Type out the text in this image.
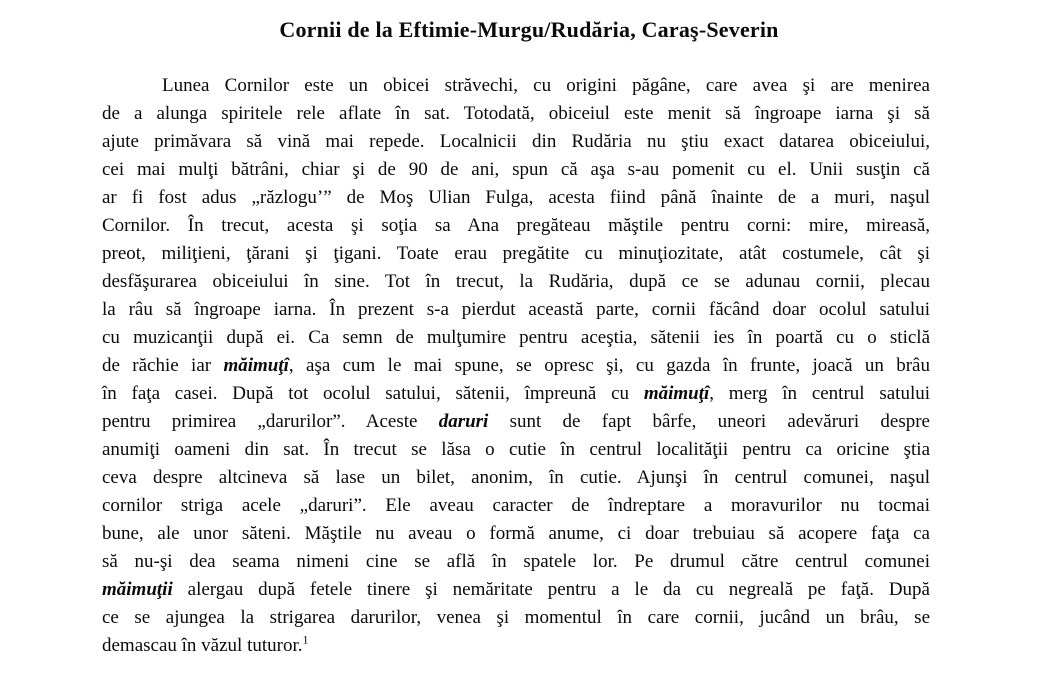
Cornii de la Eftimie-Murgu/Rudăria, Caraş-Severin
Lunea Cornilor este un obicei străvechi, cu origini păgâne, care avea şi are menirea
de a alunga spiritele rele aflate în sat. Totodată, obiceiul este menit să îngroape iarna şi să
ajute primăvara să vină mai repede. Localnicii din Rudăria nu ştiu exact datarea obiceiului,
cei mai mulţi bătrâni, chiar şi de 90 de ani, spun că aşa s-au pomenit cu el. Unii susţin că
ar fi fost adus „răzlogu’” de Moş Ulian Fulga, acesta fiind până înainte de a muri, naşul
Cornilor. În trecut, acesta şi soţia sa Ana pregăteau măştile pentru corni: mire, mireasă,
preot, miliţieni, ţărani şi ţigani. Toate erau pregătite cu minuţiozitate, atât costumele, cât şi
desfăşurarea obiceiului în sine. Tot în trecut, la Rudăria, după ce se adunau cornii, plecau
la râu să îngroape iarna. În prezent s-a pierdut această parte, cornii făcând doar ocolul satului
cu muzicanţii după ei. Ca semn de mulţumire pentru aceştia, sătenii ies în poartă cu o sticlă
de răchie iar măimuţî, aşa cum le mai spune, se opresc şi, cu gazda în frunte, joacă un brâu
în faţa casei. După tot ocolul satului, sătenii, împreună cu măimuţî, merg în centrul satului
pentru primirea „darurilor”. Aceste daruri sunt de fapt bârfe, uneori adevăruri despre
anumiţi oameni din sat. În trecut se lăsa o cutie în centrul localităţii pentru ca oricine ştia
ceva despre altcineva să lase un bilet, anonim, în cutie. Ajunşi în centrul comunei, naşul
cornilor striga acele „daruri”. Ele aveau caracter de îndreptare a moravurilor nu tocmai
bune, ale unor săteni. Măştile nu aveau o formă anume, ci doar trebuiau să acopere faţa ca
să nu-şi dea seama nimeni cine se află în spatele lor. Pe drumul către centrul comunei
măimuţii alergau după fetele tinere şi nemăritate pentru a le da cu negreală pe faţă. După
ce se ajungea la strigarea darurilor, venea şi momentul în care cornii, jucând un brâu, se
demascau în văzul tuturor.$^1$
